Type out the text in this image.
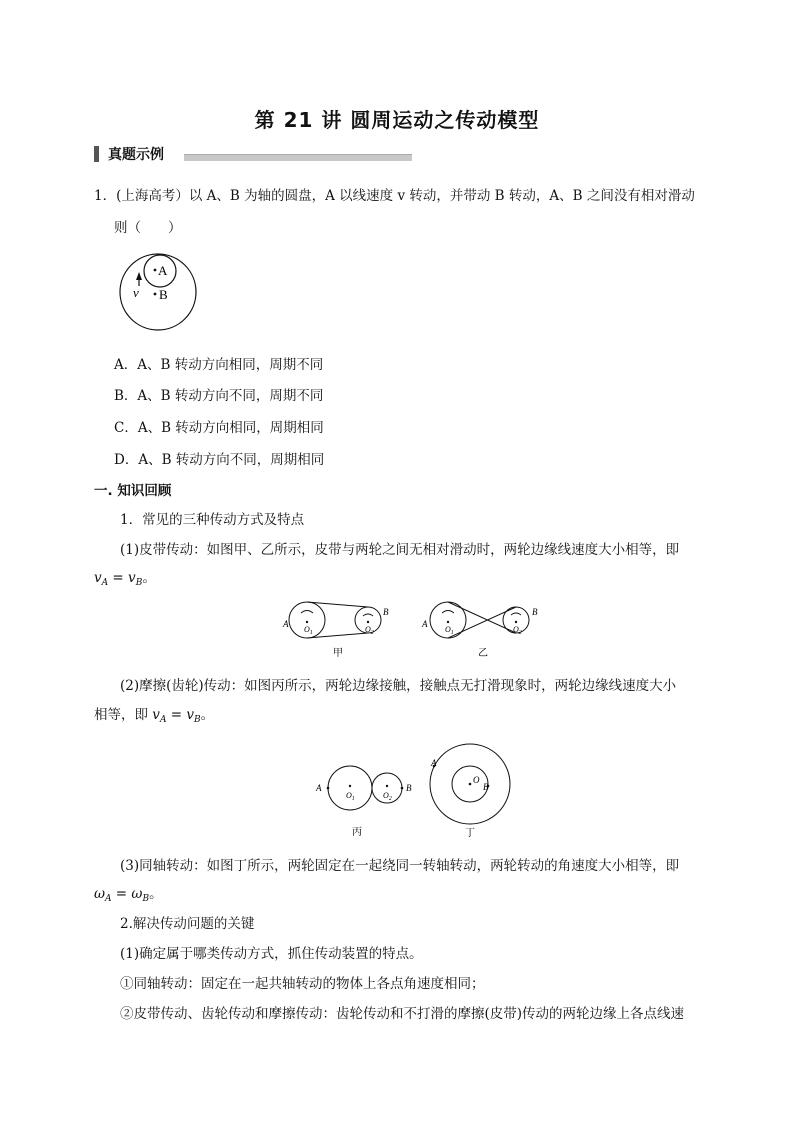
第 21 讲 圆周运动之传动模型
真题示例
1．(上海高考）以 A、B 为轴的圆盘，A 以线速度 v 转动，并带动 B 转动，A、B 之间没有相对滑动
则（　　）
A
B
v
A．A、B 转动方向相同，周期不同
B．A、B 转动方向不同，周期不同
C．A、B 转动方向相同，周期相同
D．A、B 转动方向不同，周期相同
一. 知识回顾
1．常见的三种传动方式及特点
(1)皮带传动：如图甲、乙所示，皮带与两轮之间无相对滑动时，两轮边缘线速度大小相等，即
$v_A = v_B$。
A
B
$O_1$	$O_2$
甲
A
B
$O_1$	$O_2$
乙
(2)摩擦(齿轮)传动：如图丙所示，两轮边缘接触，接触点无打滑现象时，两轮边缘线速度大小
相等，即 $v_A = v_B$。
A	B
$O_1$	$O_2$
丙
A
O
B
丁
(3)同轴转动：如图丁所示，两轮固定在一起绕同一转轴转动，两轮转动的角速度大小相等，即
$\omega_A = \omega_B$。
2.解决传动问题的关键
(1)确定属于哪类传动方式，抓住传动装置的特点。
①同轴转动：固定在一起共轴转动的物体上各点角速度相同；
②皮带传动、齿轮传动和摩擦传动：齿轮传动和不打滑的摩擦(皮带)传动的两轮边缘上各点线速
